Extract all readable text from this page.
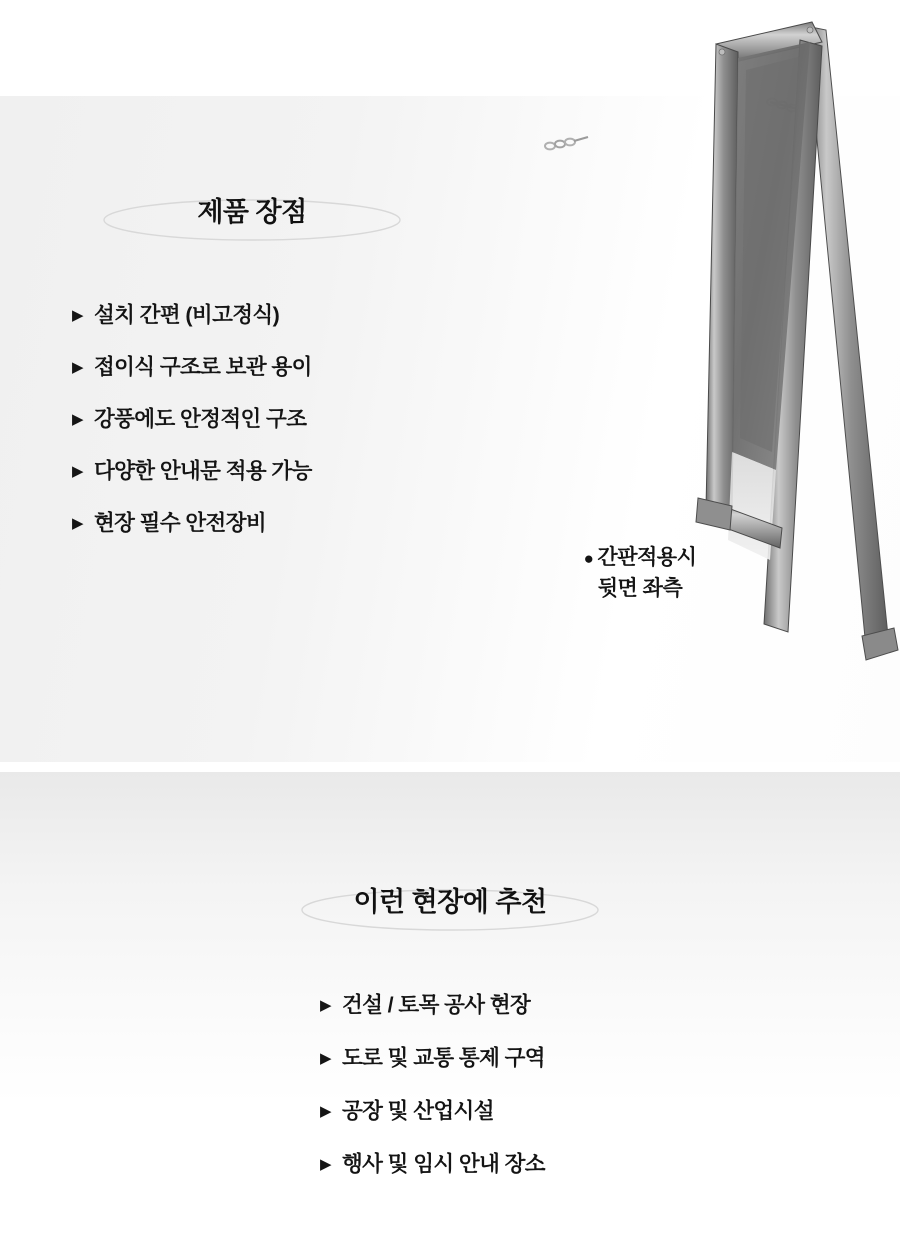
제품 장점
▶ 설치 간편 (비고정식)
▶ 접이식 구조로 보관 용이
▶ 강풍에도 안정적인 구조
▶ 다양한 안내문 적용 가능
▶ 현장 필수 안전장비
● 간판적용시
뒷면 좌측
이런 현장에 추천
▶ 건설 / 토목 공사 현장
▶ 도로 및 교통 통제 구역
▶ 공장 및 산업시설
▶ 행사 및 임시 안내 장소
